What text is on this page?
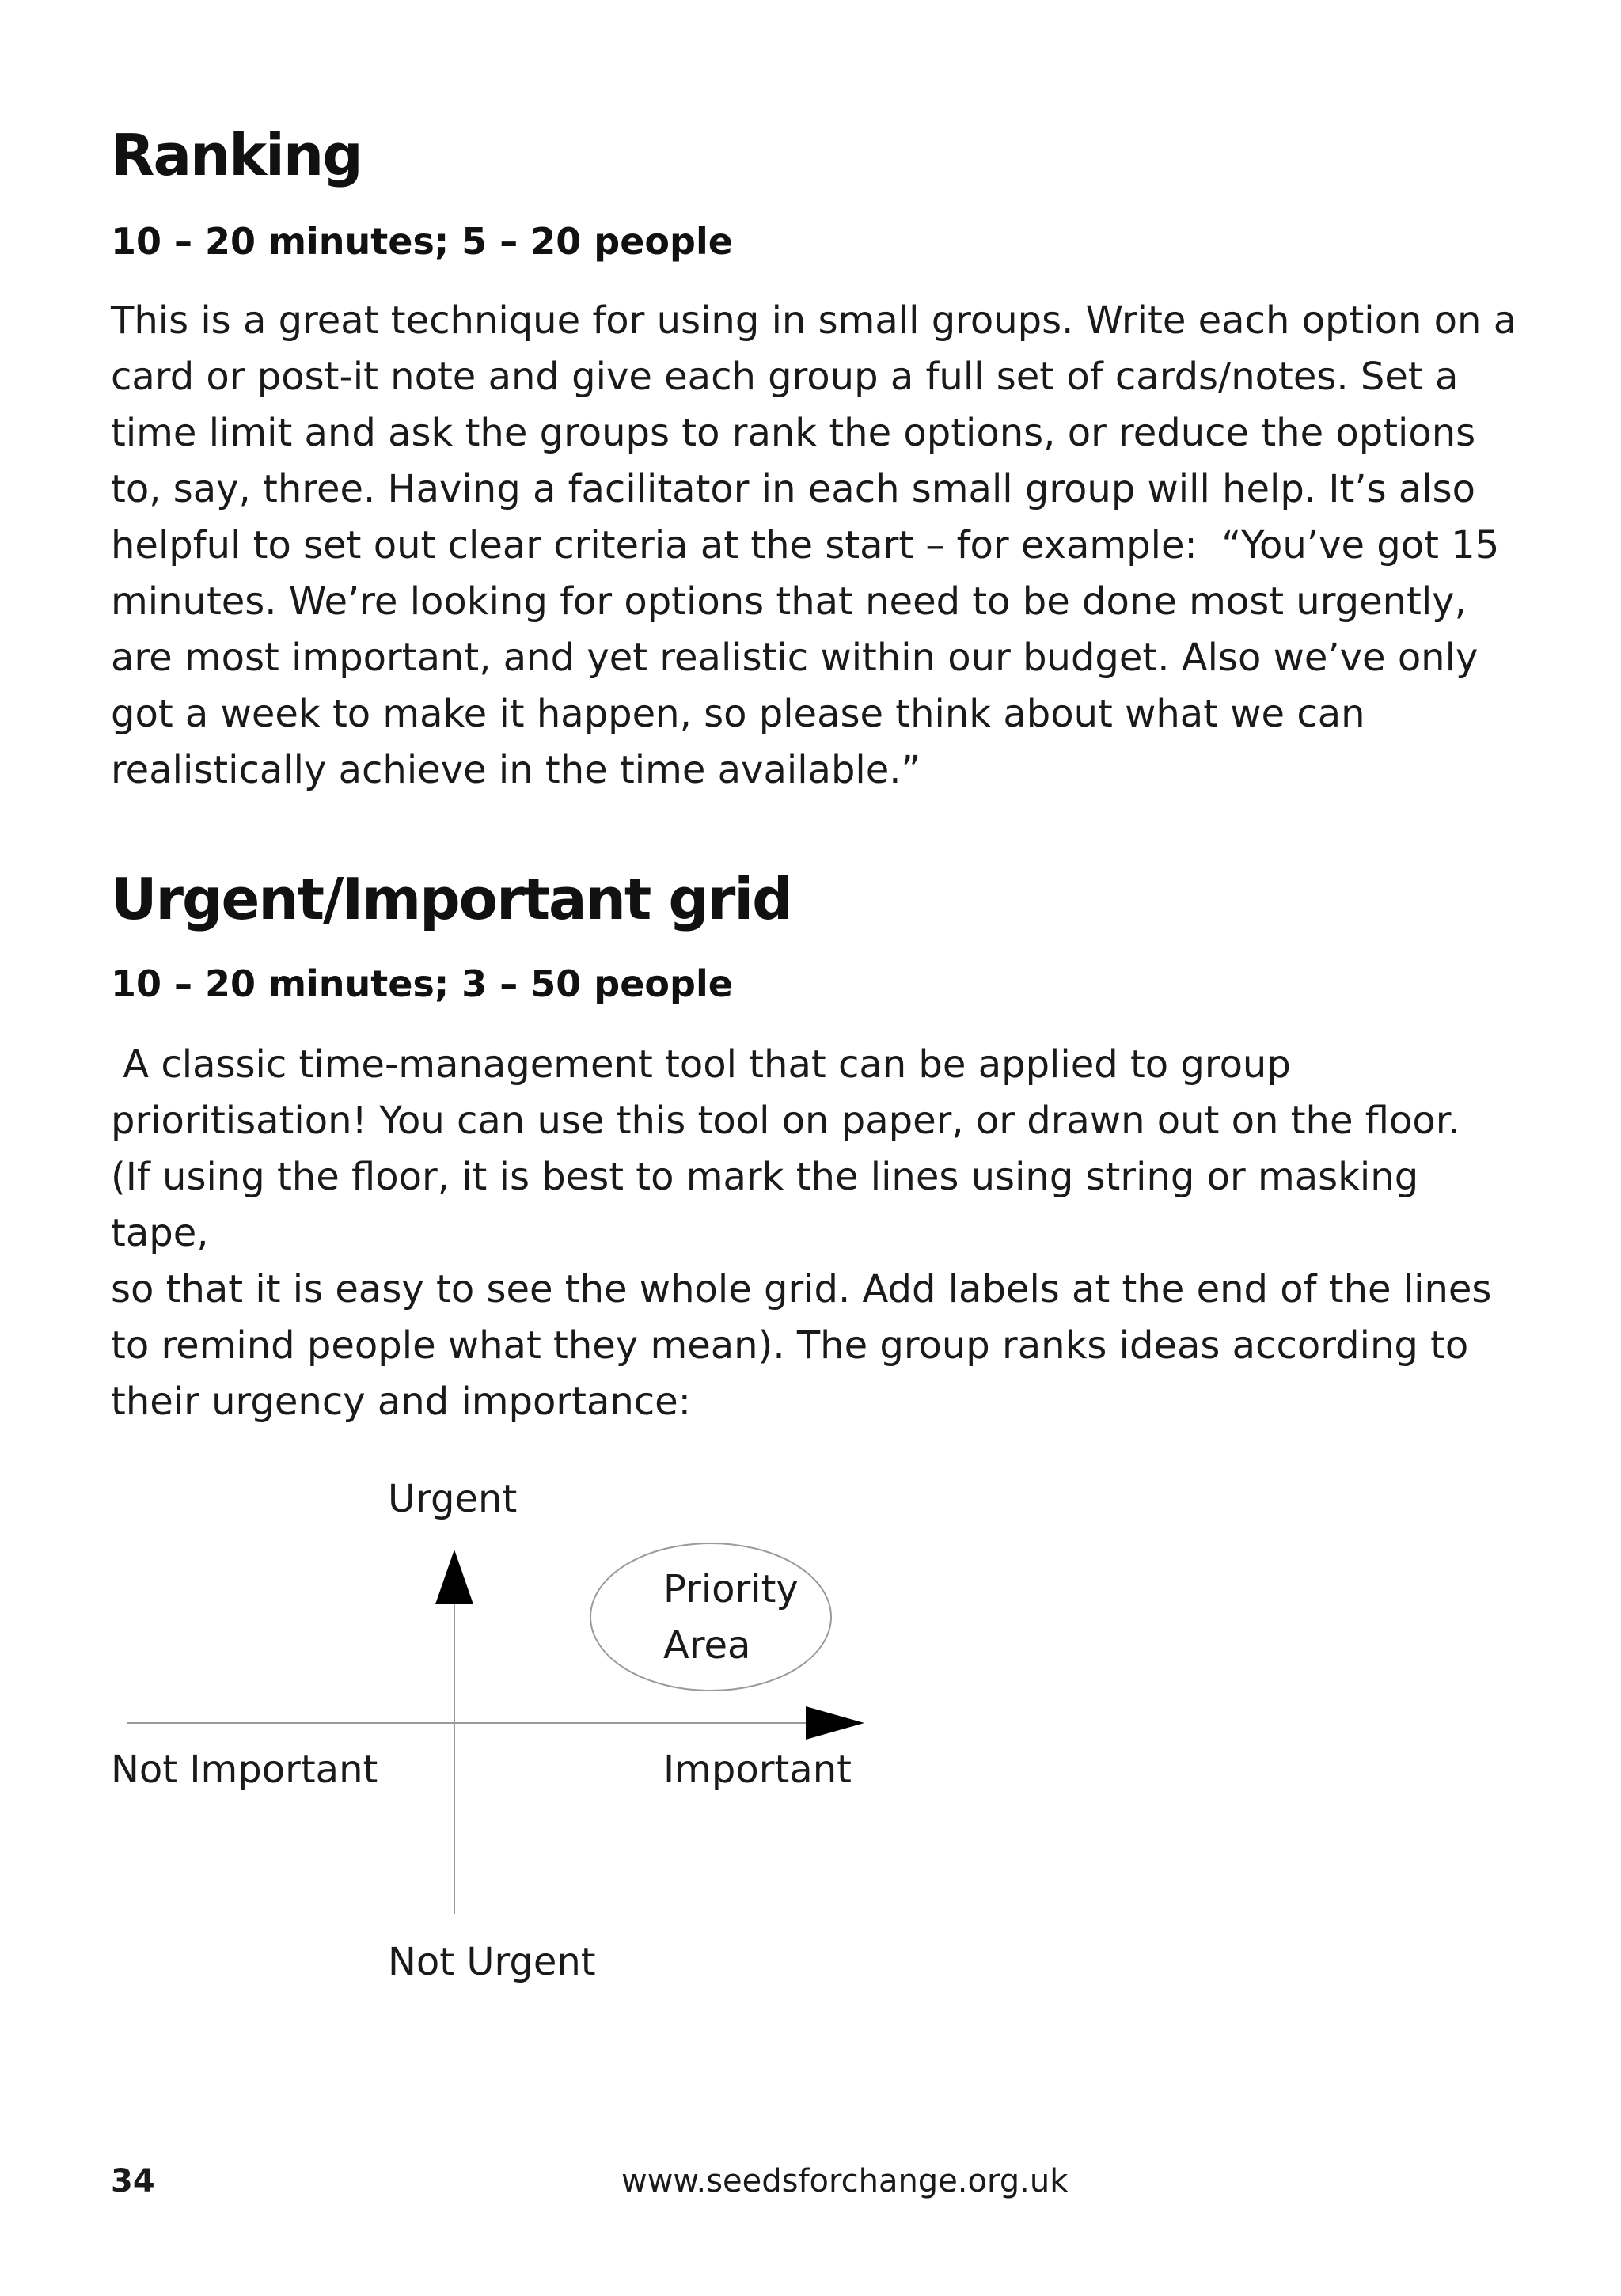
Ranking
10 – 20 minutes; 5 – 20 people

This is a great technique for using in small groups. Write each option on a

card or post-it note and give each group a full set of cards/notes. Set a

time limit and ask the groups to rank the options, or reduce the options

to, say, three. Having a facilitator in each small group will help. It’s also

helpful to set out clear criteria at the start – for example:  “You’ve got 15

minutes. We’re looking for options that need to be done most urgently,

are most important, and yet realistic within our budget. Also we’ve only

got a week to make it happen, so please think about what we can

realistically achieve in the time available.”

Urgent/Important grid
10 – 20 minutes; 3 – 50 people

A classic time-management tool that can be applied to group

prioritisation! You can use this tool on paper, or drawn out on the floor.

(If using the floor, it is best to mark the lines using string or masking tape,

so that it is easy to see the whole grid. Add labels at the end of the lines

to remind people what they mean). The group ranks ideas according to

their urgency and importance:

Urgent
Not Urgent
Not Important	Important
Priority
Area
34	www.seedsforchange.org.uk
